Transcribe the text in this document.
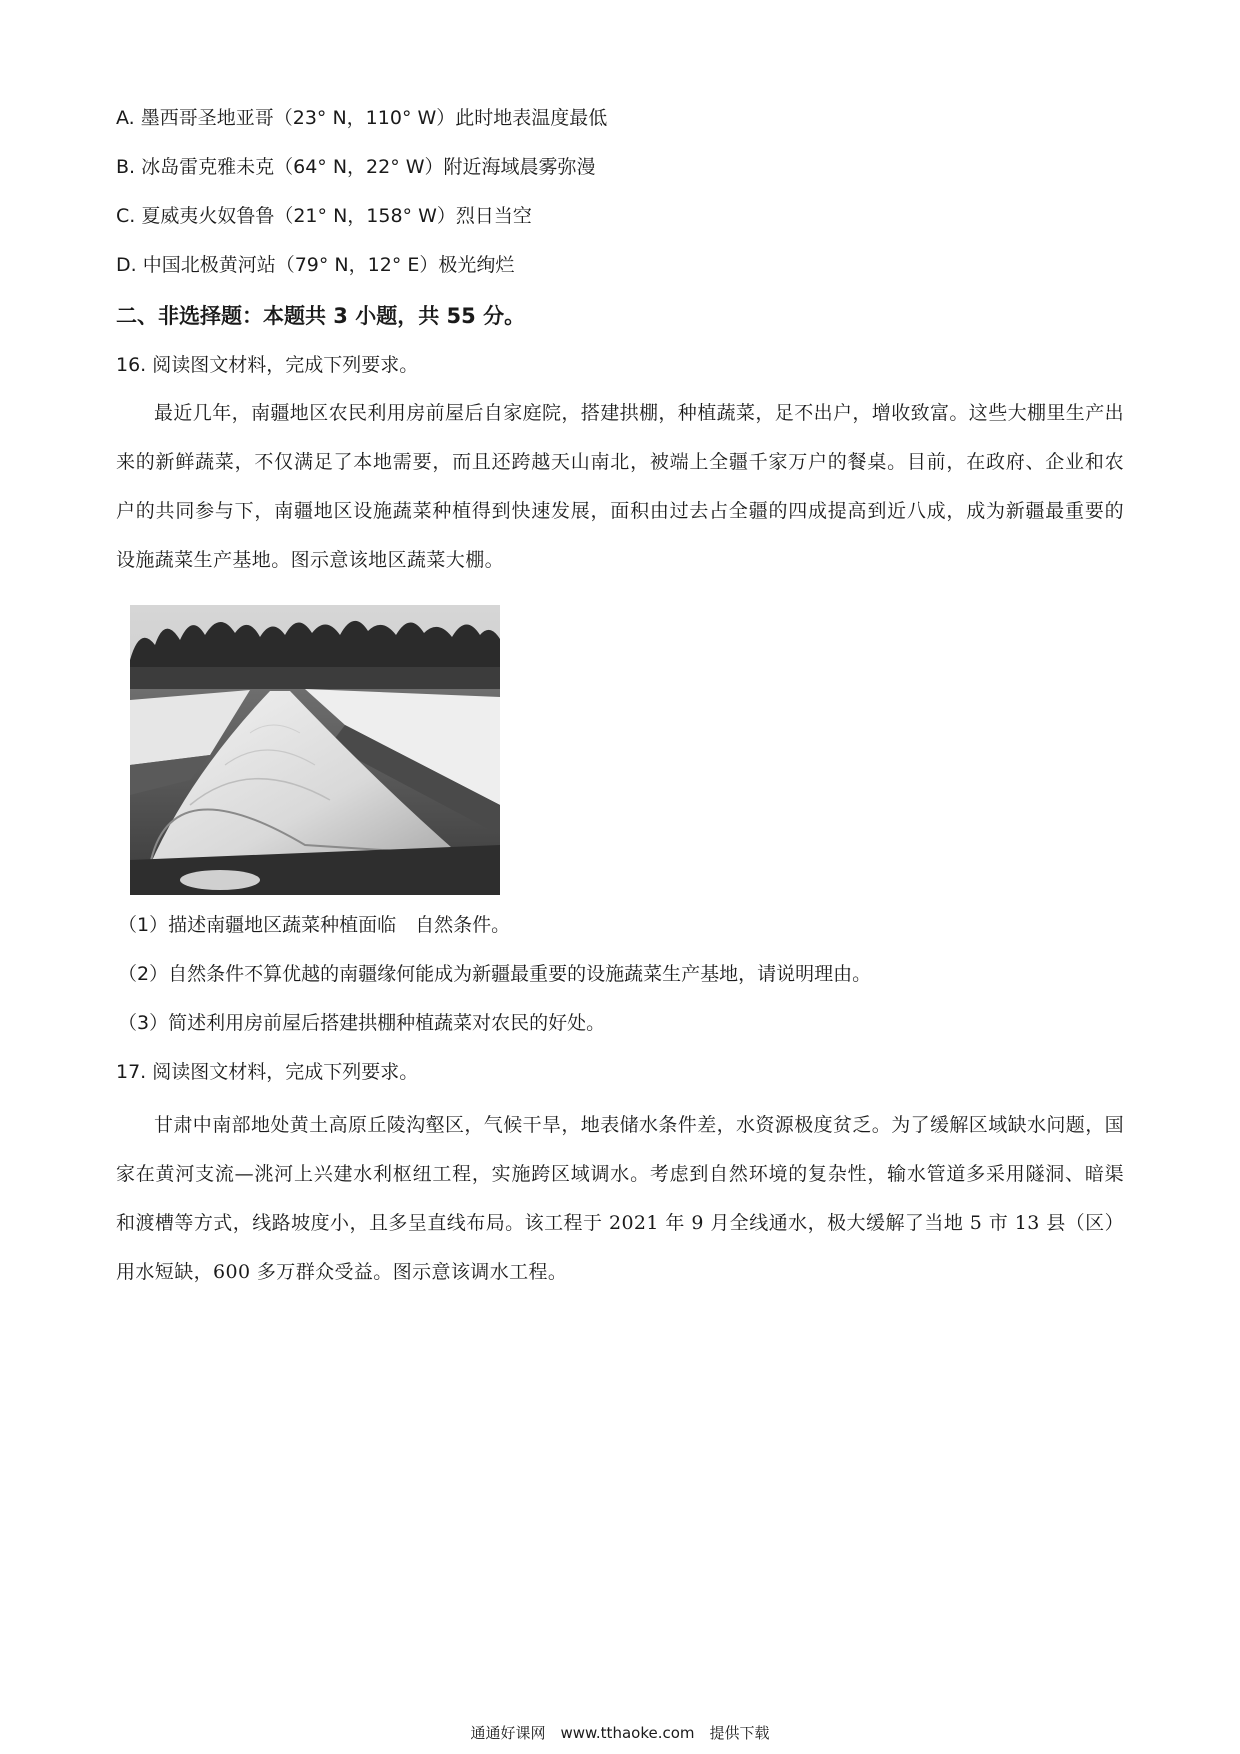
A. 墨西哥圣地亚哥（23° N，110° W）此时地表温度最低
B. 冰岛雷克雅未克（64° N，22° W）附近海域晨雾弥漫
C. 夏威夷火奴鲁鲁（21° N，158° W）烈日当空
D. 中国北极黄河站（79° N，12° E）极光绚烂
二、非选择题：本题共 3 小题，共 55 分。
16. 阅读图文材料，完成下列要求。
最近几年，南疆地区农民利用房前屋后自家庭院，搭建拱棚，种植蔬菜，足不出户，增收致富。这些大棚里生产出来的新鲜蔬菜，不仅满足了本地需要，而且还跨越天山南北，被端上全疆千家万户的餐桌。目前，在政府、企业和农户的共同参与下，南疆地区设施蔬菜种植得到快速发展，面积由过去占全疆的四成提高到近八成，成为新疆最重要的设施蔬菜生产基地。图示意该地区蔬菜大棚。
（1）描述南疆地区蔬菜种植面临　自然条件。
（2）自然条件不算优越的南疆缘何能成为新疆最重要的设施蔬菜生产基地，请说明理由。
（3）简述利用房前屋后搭建拱棚种植蔬菜对农民的好处。
17. 阅读图文材料，完成下列要求。
甘肃中南部地处黄土高原丘陵沟壑区，气候干旱，地表储水条件差，水资源极度贫乏。为了缓解区域缺水问题，国家在黄河支流—洮河上兴建水利枢纽工程，实施跨区域调水。考虑到自然环境的复杂性，输水管道多采用隧洞、暗渠和渡槽等方式，线路坡度小，且多呈直线布局。该工程于 2021 年 9 月全线通水，极大缓解了当地 5 市 13 县（区）用水短缺，600 多万群众受益。图示意该调水工程。
通通好课网　www.tthaoke.com　提供下载
